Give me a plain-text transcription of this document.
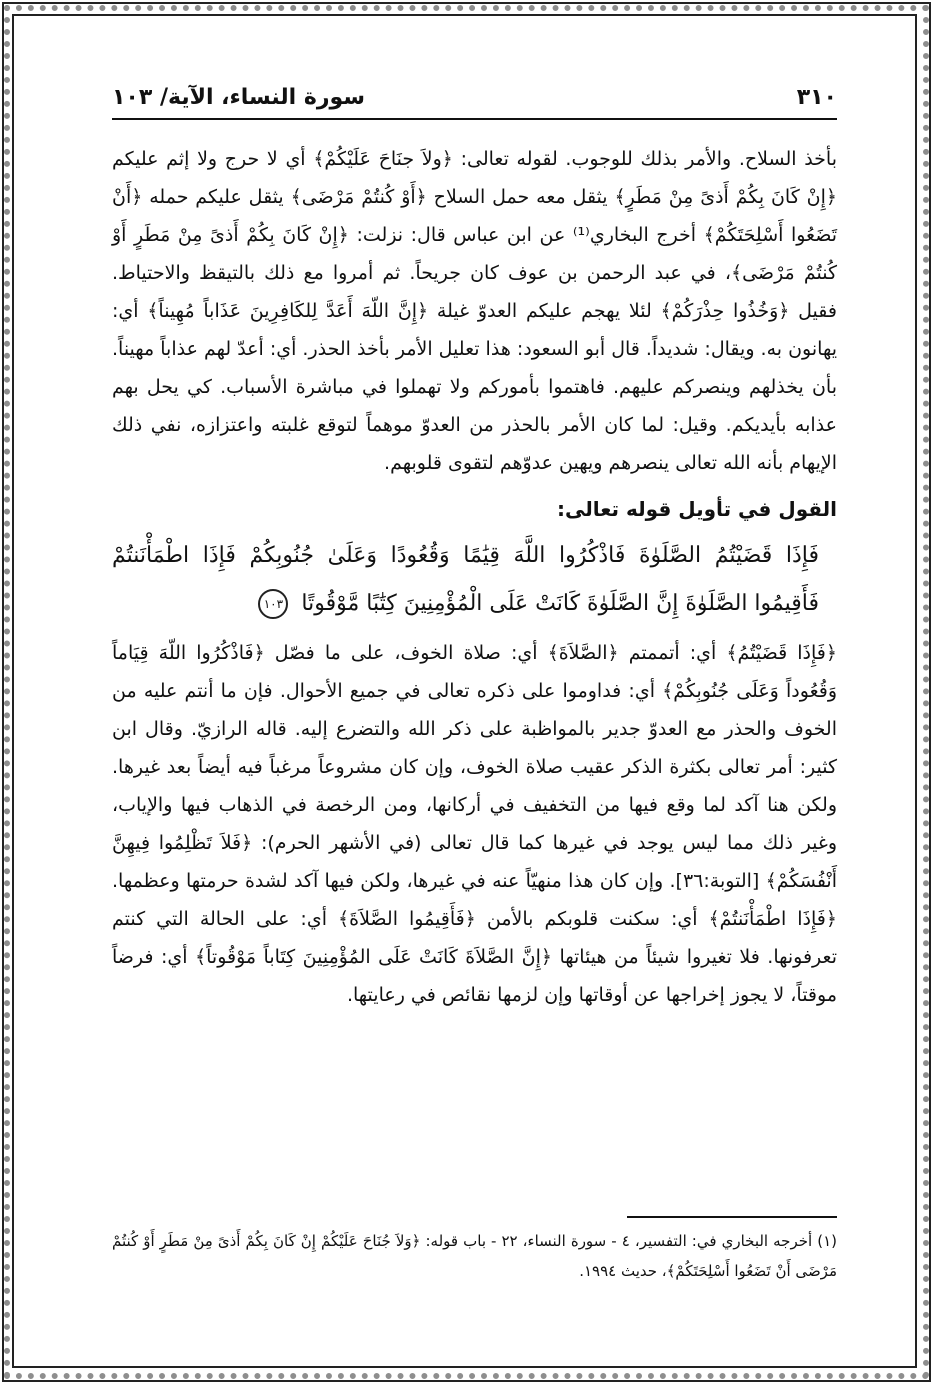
٣١٠
سورة النساء، الآية/ ١٠٣

بأخذ السلاح. والأمر بذلك للوجوب. لقوله تعالى: ﴿ولاَ جنَاحَ عَلَيْكُمْ﴾ أي لا حرج ولا إثم عليكم ﴿إِنْ كَانَ بِكُمْ أَذىً مِنْ مَطَرٍ﴾ يثقل معه حمل السلاح ﴿أَوْ كُنتُمْ مَرْضَى﴾ يثقل عليكم حمله ﴿أَنْ تَضَعُوا أَسْلِحَتَكُمْ﴾ أخرج البخاري⁽¹⁾ عن ابن عباس قال: نزلت: ﴿إِنْ كَانَ بِكُمْ أَذىً مِنْ مَطَرٍ أَوْ كُنتُمْ مَرْضَى﴾، في عبد الرحمن بن عوف كان جريحاً. ثم أمروا مع ذلك بالتيقظ والاحتياط. فقيل ﴿وَخُذُوا حِذْرَكُمْ﴾ لئلا يهجم عليكم العدوّ غيلة ﴿إِنَّ اللّهَ أَعَدَّ لِلكَافِرِينَ عَذَاباً مُهِيناً﴾ أي: يهانون به. ويقال: شديداً. قال أبو السعود: هذا تعليل الأمر بأخذ الحذر. أي: أعدّ لهم عذاباً مهيناً. بأن يخذلهم وينصركم عليهم. فاهتموا بأموركم ولا تهملوا في مباشرة الأسباب. كي يحل بهم عذابه بأيديكم. وقيل: لما كان الأمر بالحذر من العدوّ موهماً لتوقع غلبته واعتزازه، نفي ذلك الإيهام بأنه الله تعالى ينصرهم ويهين عدوّهم لتقوى قلوبهم.

القول في تأويل قوله تعالى:
فَإِذَا قَضَيْتُمُ الصَّلَوٰةَ فَاذْكُرُوا اللَّهَ قِيَٰمًا وَقُعُودًا وَعَلَىٰ جُنُوبِكُمْ فَإِذَا اطْمَأْنَنتُمْ فَأَقِيمُوا الصَّلَوٰةَ إِنَّ الصَّلَوٰةَ كَانَتْ عَلَى الْمُؤْمِنِينَ كِتَٰبًا مَّوْقُوتًا ١٠٣

﴿فَإِذَا قَضَيْتُمُ﴾ أي: أتممتم ﴿الصَّلاَةَ﴾ أي: صلاة الخوف، على ما فصّل ﴿فَاذْكُرُوا اللّهَ قِيَاماً وَقُعُوداً وَعَلَى جُنُوبِكُمْ﴾ أي: فداوموا على ذكره تعالى في جميع الأحوال. فإن ما أنتم عليه من الخوف والحذر مع العدوّ جدير بالمواظبة على ذكر الله والتضرع إليه. قاله الرازيّ. وقال ابن كثير: أمر تعالى بكثرة الذكر عقيب صلاة الخوف، وإن كان مشروعاً مرغباً فيه أيضاً بعد غيرها. ولكن هنا آكد لما وقع فيها من التخفيف في أركانها، ومن الرخصة في الذهاب فيها والإياب، وغير ذلك مما ليس يوجد في غيرها كما قال تعالى (في الأشهر الحرم): ﴿فَلاَ تَظْلِمُوا فِيهِنَّ أَنْفُسَكُمْ﴾ [التوبة:٣٦]. وإن كان هذا منهيّاً عنه في غيرها، ولكن فيها آكد لشدة حرمتها وعظمها. ﴿فَإِذَا اطْمَأْنَنتُمْ﴾ أي: سكنت قلوبكم بالأمن ﴿فَأَقِيمُوا الصَّلاَةَ﴾ أي: على الحالة التي كنتم تعرفونها. فلا تغيروا شيئاً من هيئاتها ﴿إِنَّ الصَّلاَةَ كَانَتْ عَلَى المُؤْمِنِينَ كِتَاباً مَوْقُوتاً﴾ أي: فرضاً موقتاً، لا يجوز إخراجها عن أوقاتها وإن لزمها نقائص في رعايتها.

(١) أخرجه البخاري في: التفسير، ٤ - سورة النساء، ٢٢ - باب قوله: ﴿وَلاَ جُنَاحَ عَلَيْكُمْ إِنْ كَانَ بِكُمْ أَذىً مِنْ مَطَرٍ أَوْ كُنتُمْ مَرْضَى أَنْ تَضَعُوا أَسْلِحَتَكُمْ﴾، حديث ١٩٩٤.
